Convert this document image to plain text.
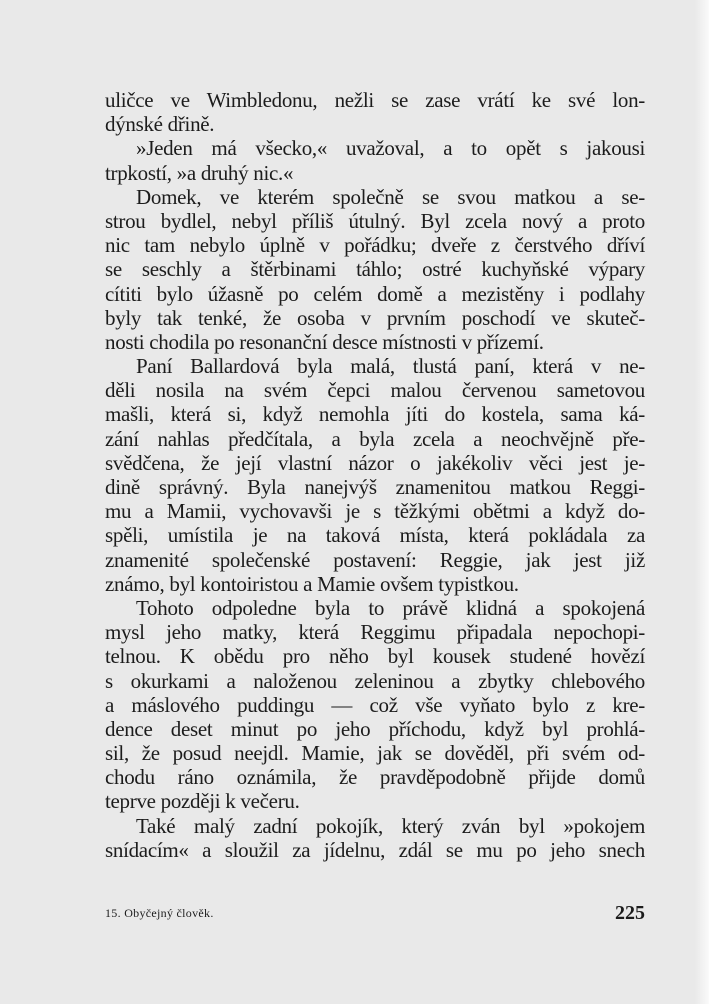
uličce ve Wimbledonu, nežli se zase vrátí ke své lon-
dýnské dřině.
»Jeden má všecko,« uvažoval, a to opět s jakousi
trpkostí, »a druhý nic.«
Domek, ve kterém společně se svou matkou a se-
strou bydlel, nebyl příliš útulný. Byl zcela nový a proto
nic tam nebylo úplně v pořádku; dveře z čerstvého dříví
se seschly a štěrbinami táhlo; ostré kuchyňské výpary
cítiti bylo úžasně po celém domě a mezistěny i podlahy
byly tak tenké, že osoba v prvním poschodí ve skuteč-
nosti chodila po resonanční desce místnosti v přízemí.
Paní Ballardová byla malá, tlustá paní, která v ne-
děli nosila na svém čepci malou červenou sametovou
mašli, která si, když nemohla jíti do kostela, sama ká-
zání nahlas předčítala, a byla zcela a neochvějně pře-
svědčena, že její vlastní názor o jakékoliv věci jest je-
dině správný. Byla nanejvýš znamenitou matkou Reggi-
mu a Mamii, vychovavši je s těžkými obětmi a když do-
spěli, umístila je na taková místa, která pokládala za
znamenité společenské postavení: Reggie, jak jest již
známo, byl kontoiristou a Mamie ovšem typistkou.
Tohoto odpoledne byla to právě klidná a spokojená
mysl jeho matky, která Reggimu připadala nepochopi-
telnou. K obědu pro něho byl kousek studené hovězí
s okurkami a naloženou zeleninou a zbytky chlebového
a máslového puddingu — což vše vyňato bylo z kre-
dence deset minut po jeho příchodu, když byl prohlá-
sil, že posud neejdl. Mamie, jak se dověděl, při svém od-
chodu ráno oznámila, že pravděpodobně přijde domů
teprve později k večeru.
Také malý zadní pokojík, který zván byl »pokojem
snídacím« a sloužil za jídelnu, zdál se mu po jeho snech
15. Obyčejný člověk.	225
